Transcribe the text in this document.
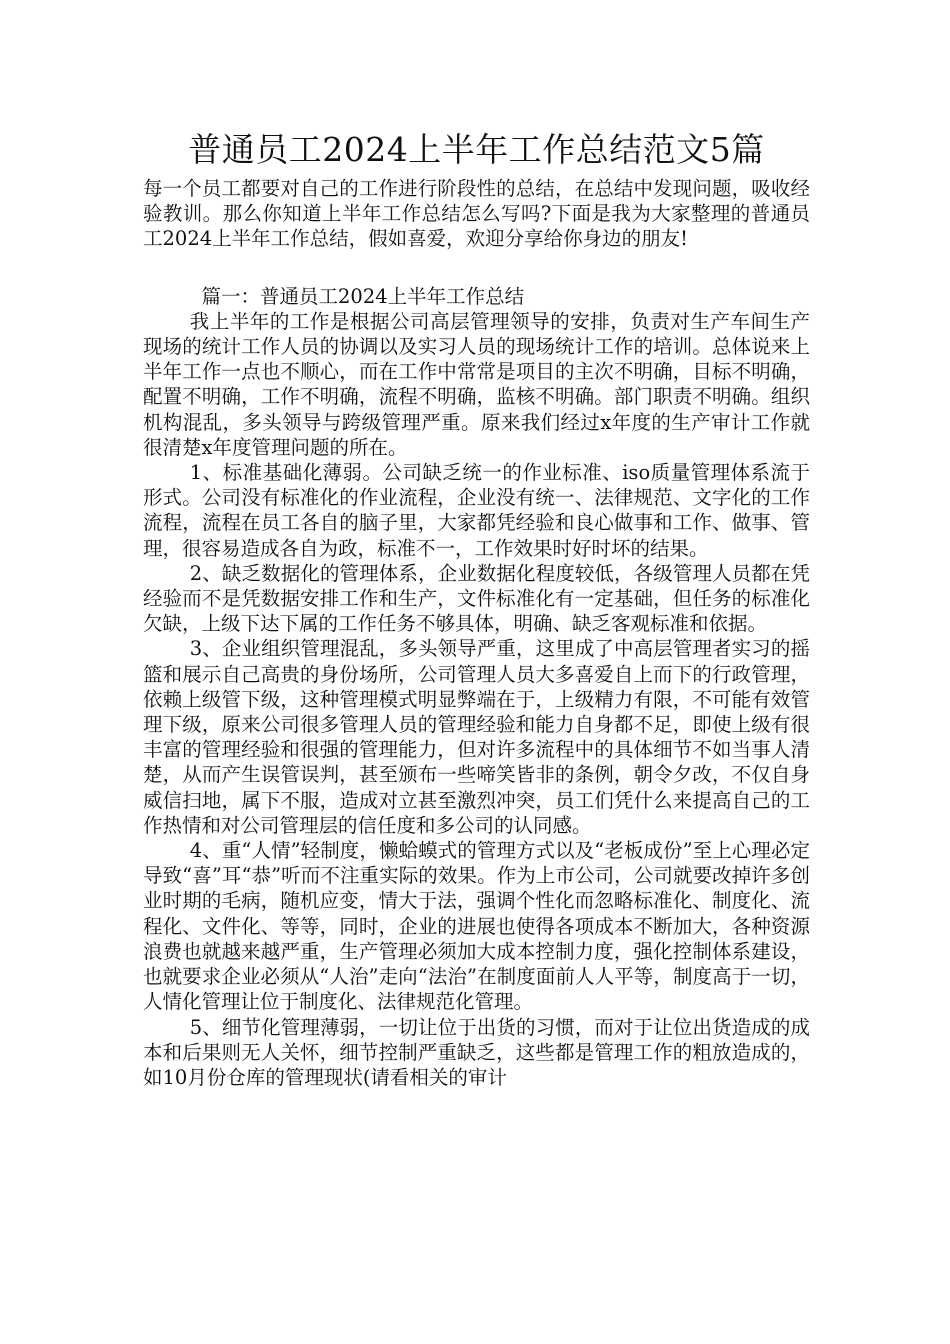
普通员工2024上半年工作总结范文5篇

每一个员工都要对自己的工作进行阶段性的总结，在总结中发现问题，吸收经验教训。那么你知道上半年工作总结怎么写吗?下面是我为大家整理的普通员工2024上半年工作总结，假如喜爱，欢迎分享给你身边的朋友!

篇一：普通员工2024上半年工作总结

我上半年的工作是根据公司高层管理领导的安排，负责对生产车间生产现场的统计工作人员的协调以及实习人员的现场统计工作的培训。总体说来上半年工作一点也不顺心，而在工作中常常是项目的主次不明确，目标不明确，配置不明确，工作不明确，流程不明确，监核不明确。部门职责不明确。组织机构混乱，多头领导与跨级管理严重。原来我们经过x年度的生产审计工作就很清楚x年度管理问题的所在。

1、标准基础化薄弱。公司缺乏统一的作业标准、iso质量管理体系流于形式。公司没有标准化的作业流程，企业没有统一、法律规范、文字化的工作流程，流程在员工各自的脑子里，大家都凭经验和良心做事和工作、做事、管理，很容易造成各自为政，标准不一，工作效果时好时坏的结果。

2、缺乏数据化的管理体系，企业数据化程度较低，各级管理人员都在凭经验而不是凭数据安排工作和生产，文件标准化有一定基础，但任务的标准化欠缺，上级下达下属的工作任务不够具体，明确、缺乏客观标准和依据。

3、企业组织管理混乱，多头领导严重，这里成了中高层管理者实习的摇篮和展示自己高贵的身份场所，公司管理人员大多喜爱自上而下的行政管理，依赖上级管下级，这种管理模式明显弊端在于，上级精力有限，不可能有效管理下级，原来公司很多管理人员的管理经验和能力自身都不足，即使上级有很丰富的管理经验和很强的管理能力，但对许多流程中的具体细节不如当事人清楚，从而产生误管误判，甚至颁布一些啼笑皆非的条例，朝令夕改，不仅自身威信扫地，属下不服，造成对立甚至激烈冲突，员工们凭什么来提高自己的工作热情和对公司管理层的信任度和多公司的认同感。

4、重“人情”轻制度，懒蛤蟆式的管理方式以及“老板成份”至上心理必定导致“喜”耳“恭”听而不注重实际的效果。作为上市公司，公司就要改掉许多创业时期的毛病，随机应变，情大于法，强调个性化而忽略标准化、制度化、流程化、文件化、等等，同时，企业的进展也使得各项成本不断加大，各种资源浪费也就越来越严重，生产管理必须加大成本控制力度，强化控制体系建设，也就要求企业必须从“人治”走向“法治”在制度面前人人平等，制度高于一切，人情化管理让位于制度化、法律规范化管理。

5、细节化管理薄弱，一切让位于出货的习惯，而对于让位出货造成的成本和后果则无人关怀，细节控制严重缺乏，这些都是管理工作的粗放造成的，如10月份仓库的管理现状(请看相关的审计
